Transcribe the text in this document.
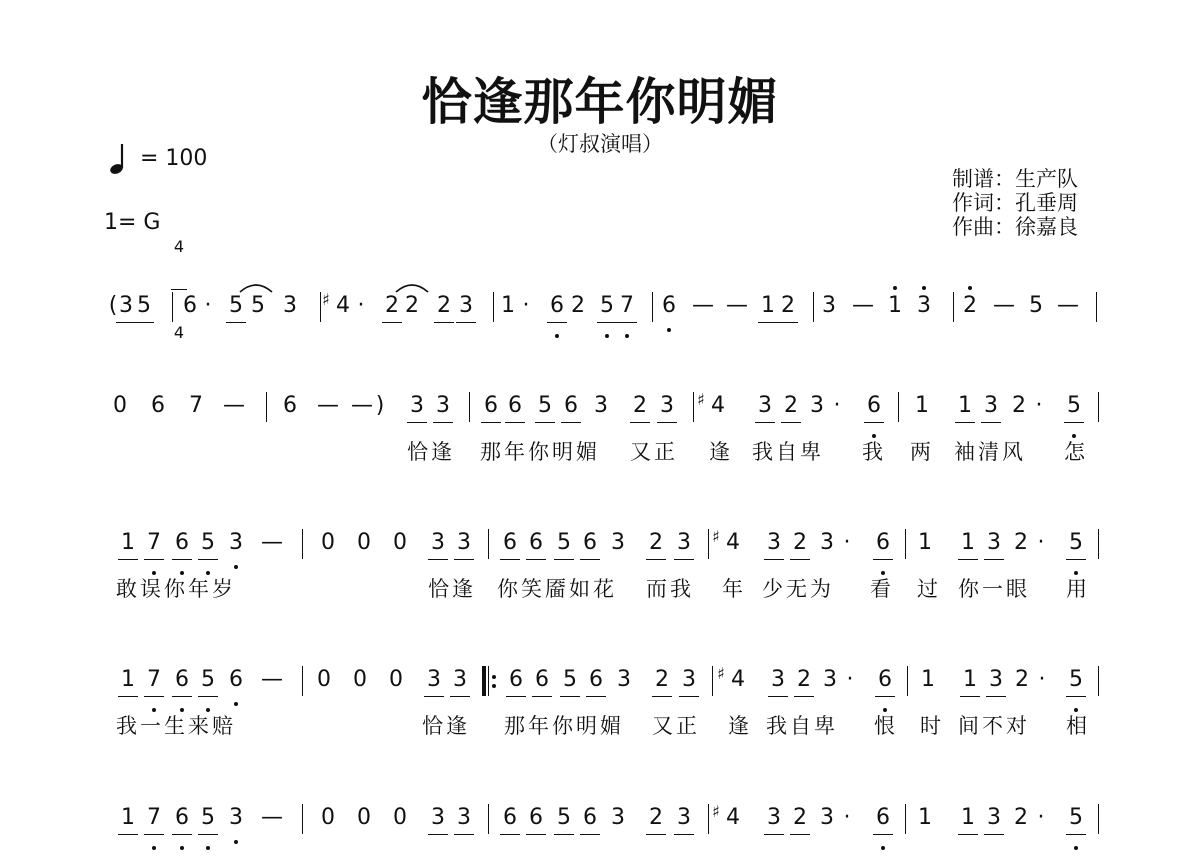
恰逢那年你明媚
（灯叔演唱）

= 100

1= G

4

4

制谱：生产队
作词：孔垂周
作曲：徐嘉良
( 3 5 6 · 5 5 3 4
♯	· 2 2 2 3 1 · 6 2 5 7 6 — — 1 2 3 — 1 3 2 — 5 —
0 6 7 — 6 — — )	3 3 6 6 5 6 3 2 3 4
♯ 3 2 3 ·	6 1 1 3 2 ·	5
恰逢 那年你明媚 又正 逢 我自卑 我 两 袖清风 怎
1 7 6 5 3 — 0 0 0 3 3 6 6 5 6 3 2 3 4
♯ 3 2 3 ·	6 1 1 3 2 ·	5
敢误你年岁	恰逢 你笑靥如花 而我 年 少无为 看 过 你一眼 用
1 7 6 5 6 — 0 0 0 3 3 6 6 5 6 3 2 3 4
♯ 3 2 3 ·	6 1 1 3 2 ·	5
我一生来赔	恰逢 那年你明媚 又正 逢 我自卑 恨 时 间不对 相
1 7 6 5 3 — 0 0 0 3 3 6 6 5 6 3 2 3 4
♯ 3 2 3 ·	6 1 1 3 2 ·	5
